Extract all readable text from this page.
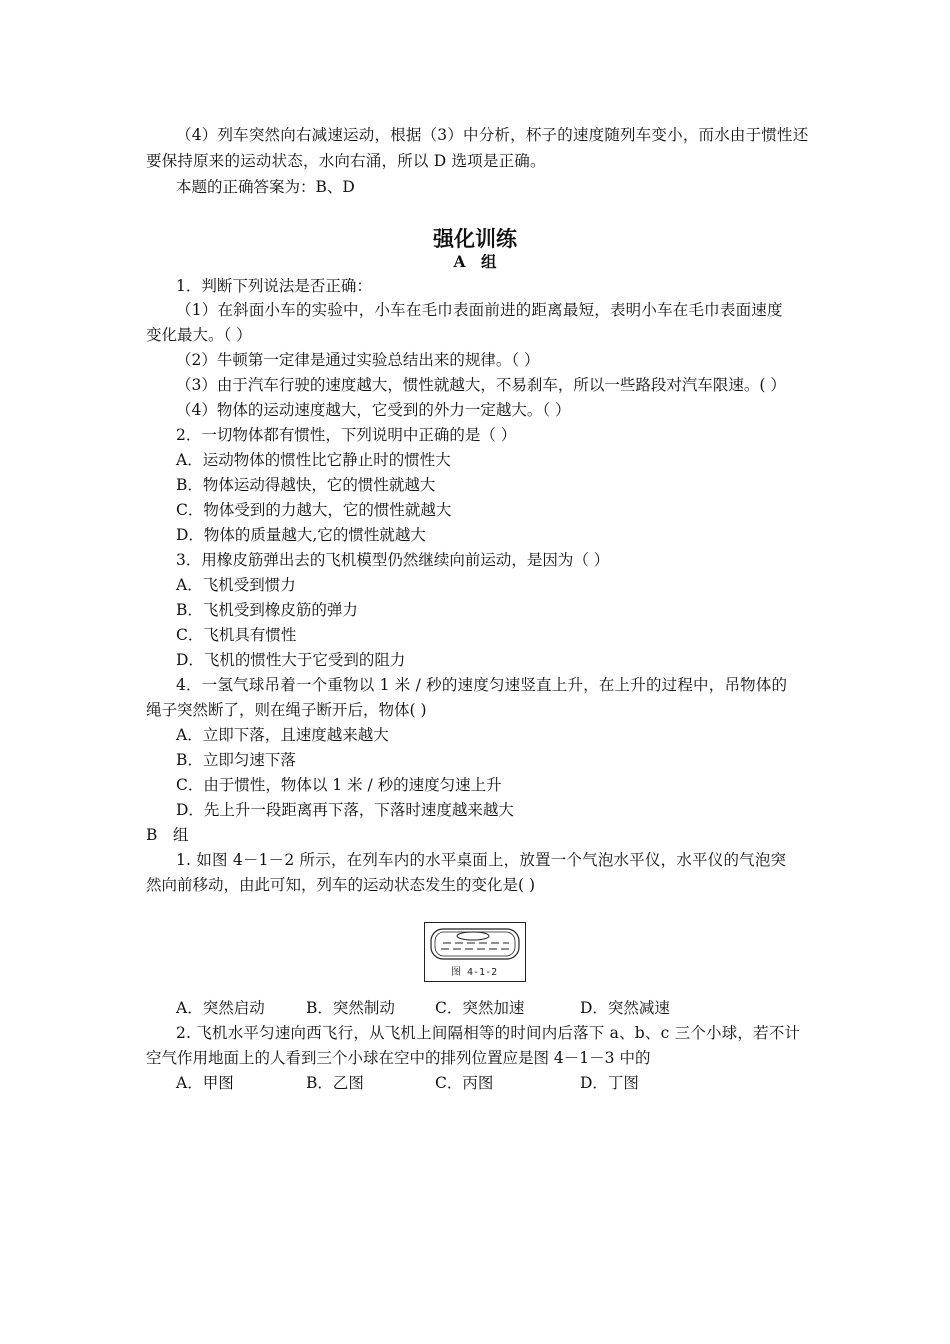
（4）列车突然向右减速运动，根据（3）中分析，杯子的速度随列车变小，而水由于惯性还
要保持原来的运动状态，水向右涌，所以 D 选项是正确。
本题的正确答案为：B、D
强化训练
A　组
1．判断下列说法是否正确：
（1）在斜面小车的实验中，小车在毛巾表面前进的距离最短，表明小车在毛巾表面速度
变化最大。（ ）
（2）牛顿第一定律是通过实验总结出来的规律。（ ）
（3）由于汽车行驶的速度越大，惯性就越大，不易刹车，所以一些路段对汽车限速。( ）
（4）物体的运动速度越大，它受到的外力一定越大。（ ）
2．一切物体都有惯性，下列说明中正确的是（ ）
A．运动物体的惯性比它静止时的惯性大
B．物体运动得越快，它的惯性就越大
C．物体受到的力越大，它的惯性就越大
D．物体的质量越大,它的惯性就越大
3．用橡皮筋弹出去的飞机模型仍然继续向前运动，是因为（ ）
A．飞机受到惯力
B．飞机受到橡皮筋的弹力
C．飞机具有惯性
D．飞机的惯性大于它受到的阻力
4．一氢气球吊着一个重物以 1 米 / 秒的速度匀速竖直上升，在上升的过程中，吊物体的
绳子突然断了，则在绳子断开后，物体( )
A．立即下落，且速度越来越大
B．立即匀速下落
C．由于惯性，物体以 1 米 / 秒的速度匀速上升
D．先上升一段距离再下落，下落时速度越来越大
B　组
1. 如图 4－1－2 所示，在列车内的水平桌面上，放置一个气泡水平仪，水平仪的气泡突
然向前移动，由此可知，列车的运动状态发生的变化是( )
图 4-1-2
A．突然启动	B．突然制动	C．突然加速	D．突然减速
2. 飞机水平匀速向西飞行，从飞机上间隔相等的时间内后落下 a、b、c 三个小球，若不计
空气作用地面上的人看到三个小球在空中的排列位置应是图 4－1－3 中的
A．甲图	B．乙图	C．丙图	D．丁图
